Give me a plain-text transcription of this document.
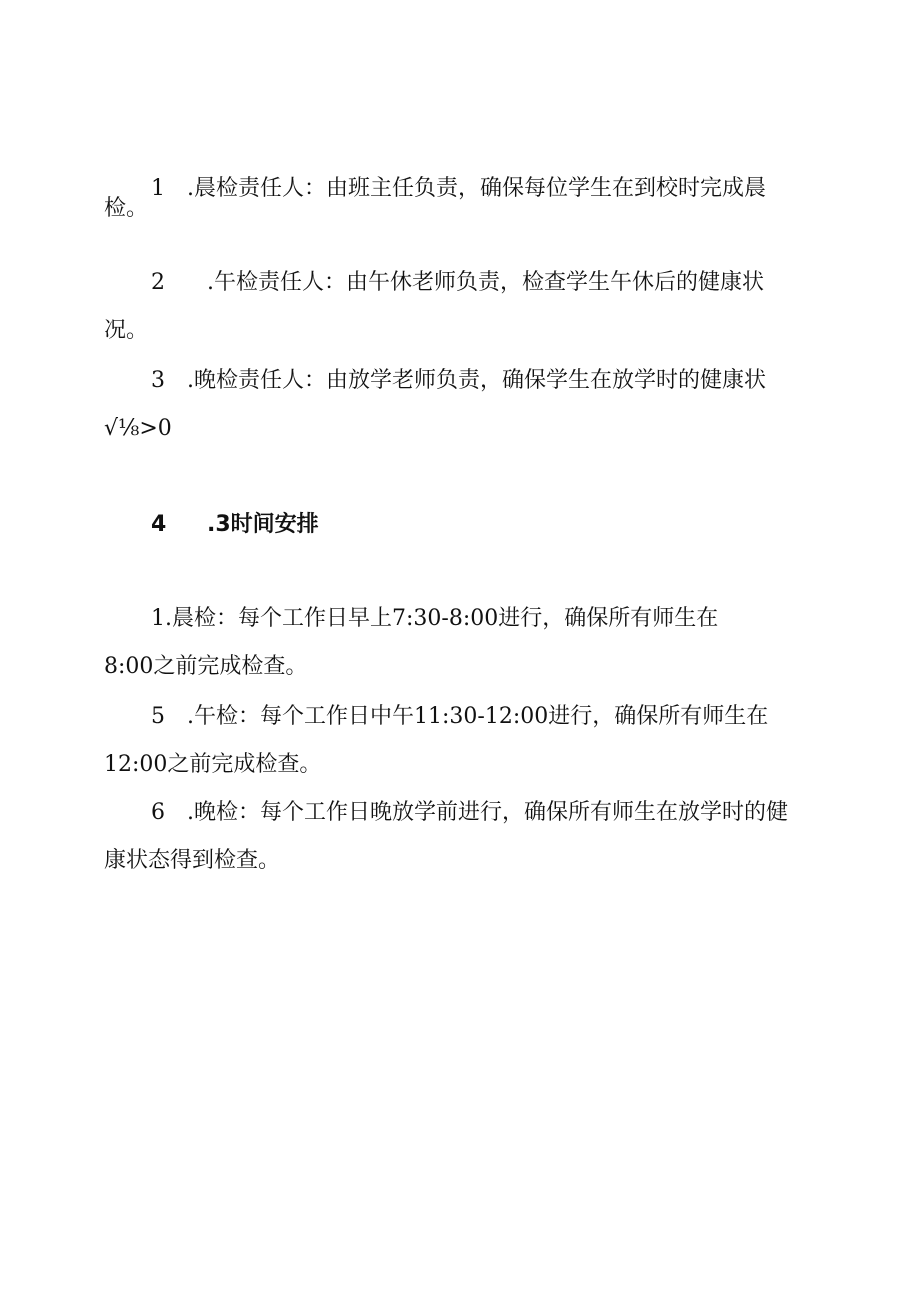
1 .晨检责任人：由班主任负责，确保每位学生在到校时完成晨
检。
2 .午检责任人：由午休老师负责，检查学生午休后的健康状
况。
3 .晚检责任人：由放学老师负责，确保学生在放学时的健康状
√⅛>0
4 .3时间安排
1.晨检：每个工作日早上7:30-8:00进行，确保所有师生在
8:00之前完成检查。
5 .午检：每个工作日中午11:30-12:00进行，确保所有师生在
12:00之前完成检查。
6 .晚检：每个工作日晚放学前进行，确保所有师生在放学时的健
康状态得到检查。
